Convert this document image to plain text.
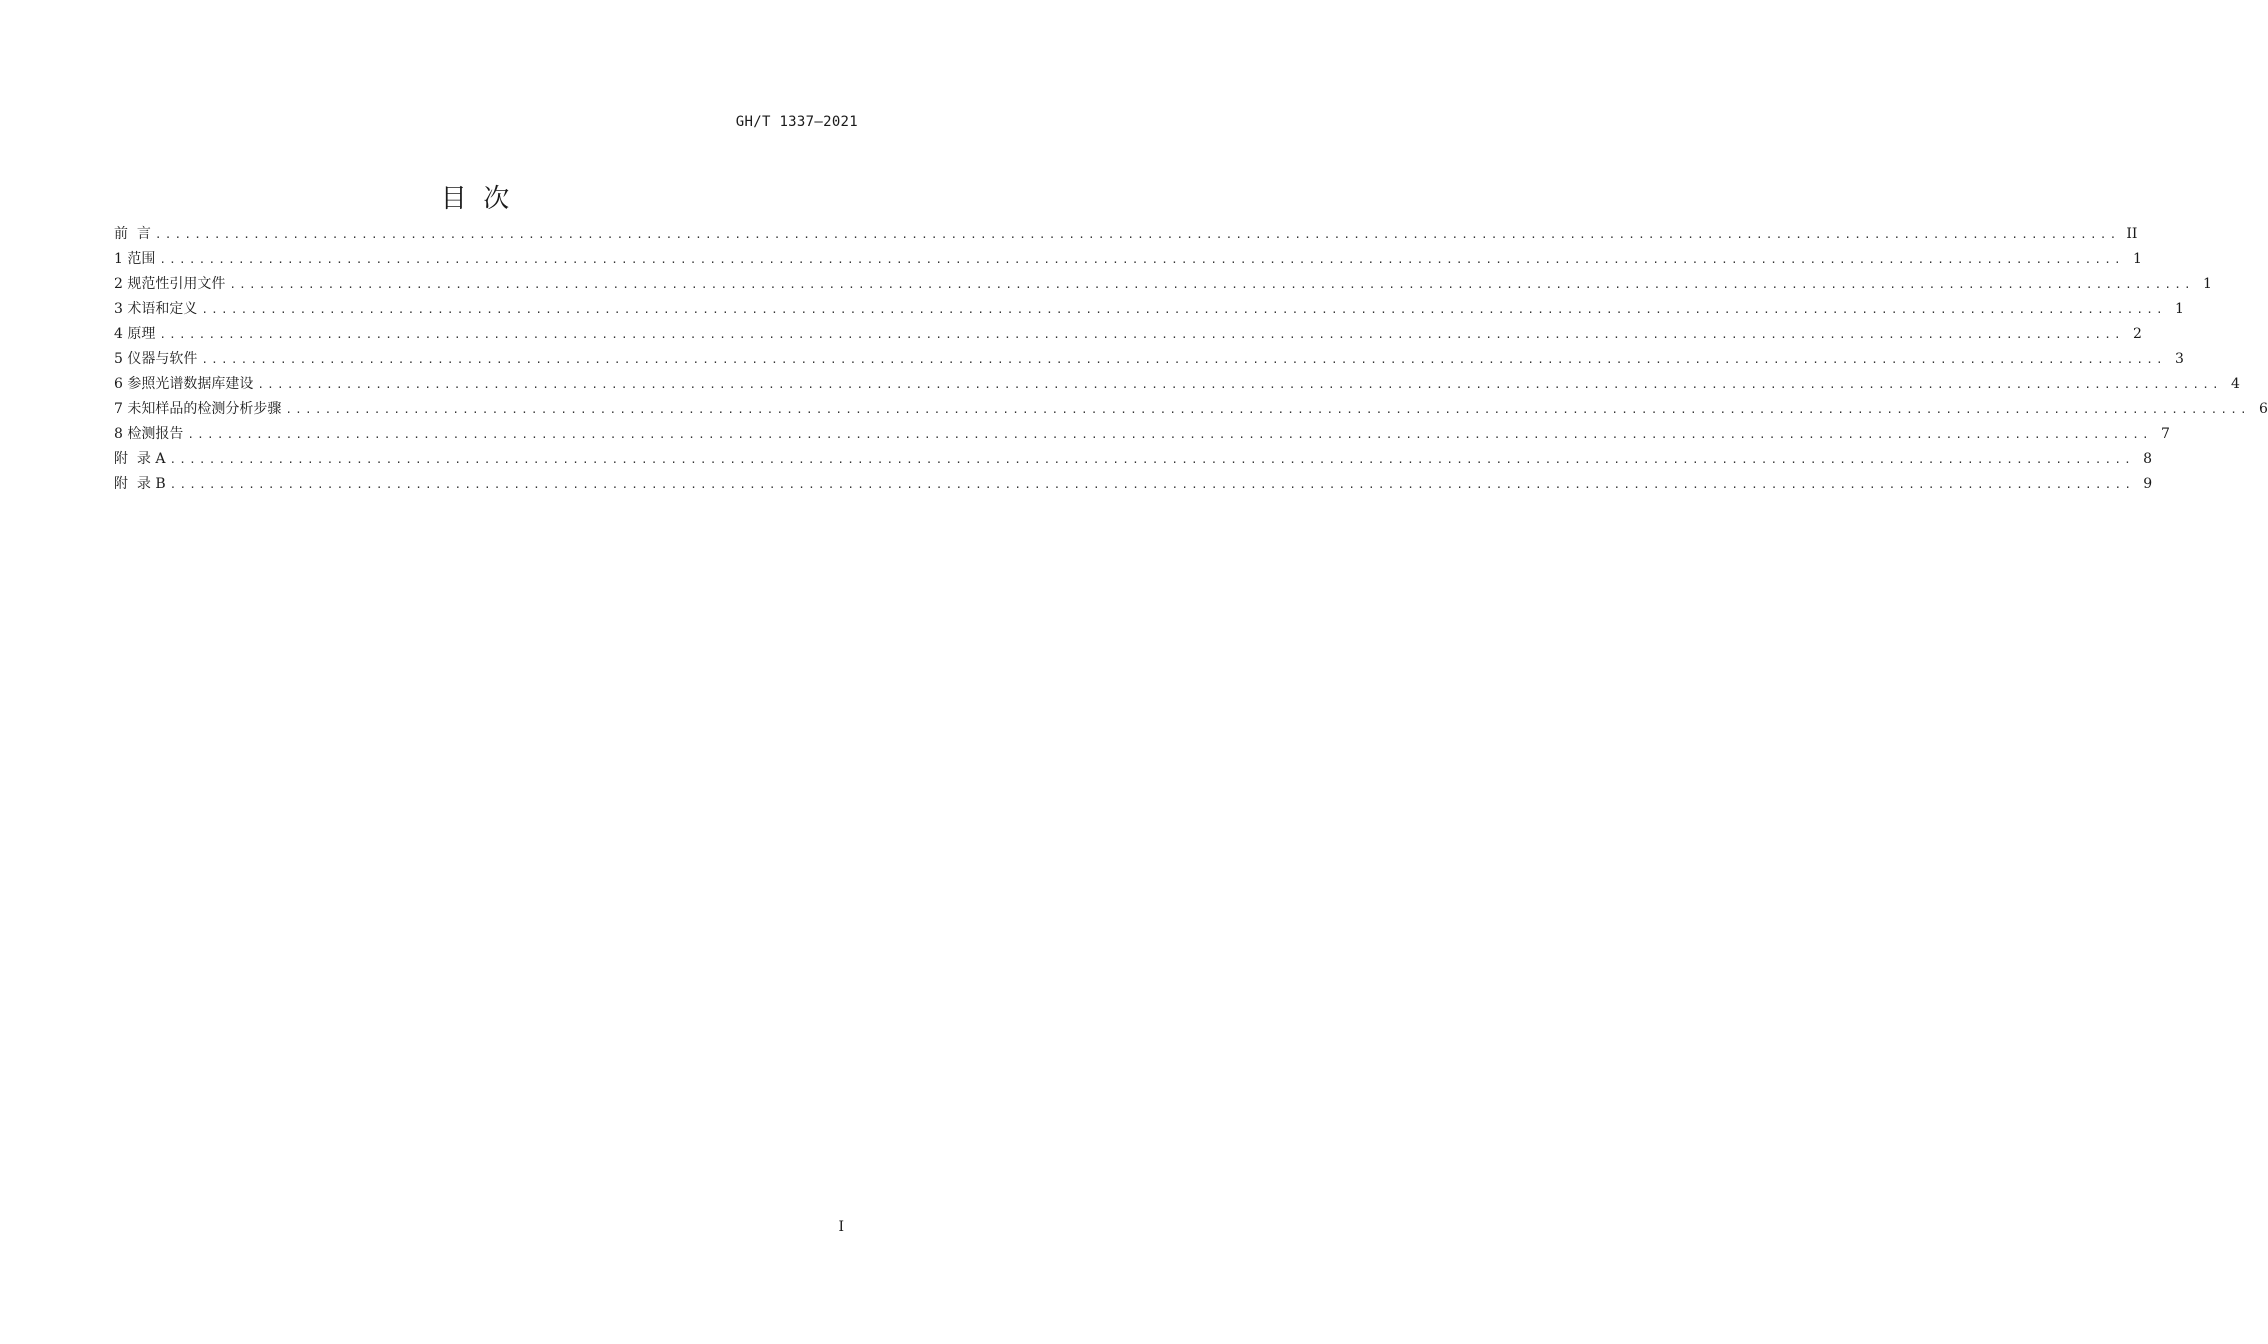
GH/T 1337—2021
目  次
前  言 ........................................................................................................................................................................................................ II
1 范围 ........................................................................................................................................................................................................ 1
2 规范性引用文件 ........................................................................................................................................................................................................ 1
3 术语和定义 ........................................................................................................................................................................................................ 1
4 原理 ........................................................................................................................................................................................................ 2
5 仪器与软件 ........................................................................................................................................................................................................ 3
6 参照光谱数据库建设 ........................................................................................................................................................................................................ 4
7 未知样品的检测分析步骤 ........................................................................................................................................................................................................ 6
8 检测报告 ........................................................................................................................................................................................................ 7
附  录 A ........................................................................................................................................................................................................ 8
附  录 B ........................................................................................................................................................................................................ 9
I
